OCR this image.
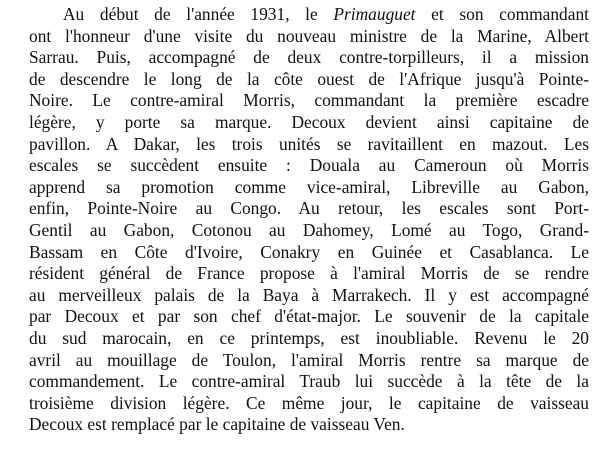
Au début de l'année 1931, le Primauguet et son commandant
ont l'honneur d'une visite du nouveau ministre de la Marine, Albert
Sarrau. Puis, accompagné de deux contre-torpilleurs, il a mission
de descendre le long de la côte ouest de l'Afrique jusqu'à Pointe-
Noire. Le contre-amiral Morris, commandant la première escadre
légère, y porte sa marque. Decoux devient ainsi capitaine de
pavillon. A Dakar, les trois unités se ravitaillent en mazout. Les
escales se succèdent ensuite : Douala au Cameroun où Morris
apprend sa promotion comme vice-amiral, Libreville au Gabon,
enfin, Pointe-Noire au Congo. Au retour, les escales sont Port-
Gentil au Gabon, Cotonou au Dahomey, Lomé au Togo, Grand-
Bassam en Côte d'Ivoire, Conakry en Guinée et Casablanca. Le
résident général de France propose à l'amiral Morris de se rendre
au merveilleux palais de la Baya à Marrakech. Il y est accompagné
par Decoux et par son chef d'état-major. Le souvenir de la capitale
du sud marocain, en ce printemps, est inoubliable. Revenu le 20
avril au mouillage de Toulon, l'amiral Morris rentre sa marque de
commandement. Le contre-amiral Traub lui succède à la tête de la
troisième division légère. Ce même jour, le capitaine de vaisseau
Decoux est remplacé par le capitaine de vaisseau Ven.
